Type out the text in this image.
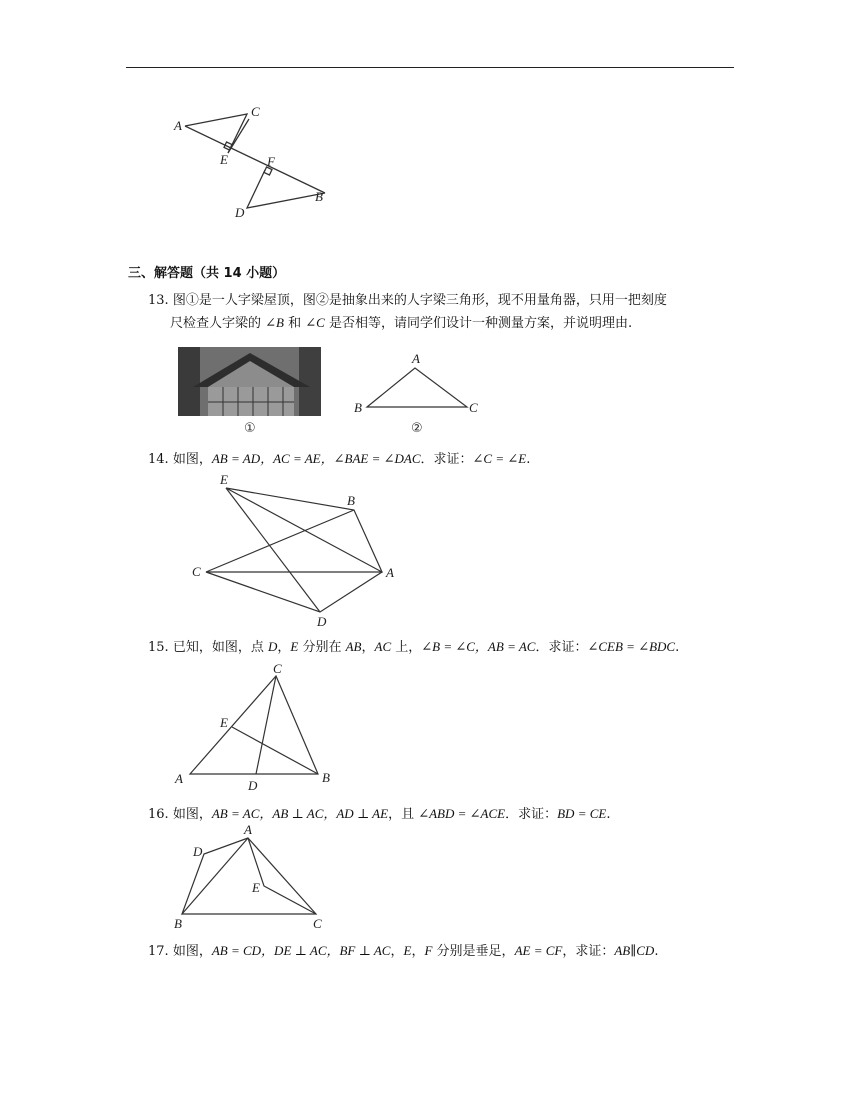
A
C
E	F
B
D
三、解答题（共 14 小题）
13. 图①是一人字梁屋顶，图②是抽象出来的人字梁三角形，现不用量角器，只用一把刻度
尺检查人字梁的 ∠B 和 ∠C 是否相等，请同学们设计一种测量方案，并说明理由.
①
A
B	C
②
14. 如图，AB = AD，AC = AE，∠BAE = ∠DAC．求证：∠C = ∠E.
E
B
C	A
D
15. 已知，如图，点 D，E 分别在 AB，AC 上，∠B = ∠C，AB = AC．求证：∠CEB = ∠BDC.
C
E
A	D
B
16. 如图，AB = AC，AB ⊥ AC，AD ⊥ AE，且 ∠ABD = ∠ACE．求证：BD = CE.
A
D
E
B	C
17. 如图，AB = CD，DE ⊥ AC，BF ⊥ AC，E，F 分别是垂足，AE = CF，求证：AB∥CD.
